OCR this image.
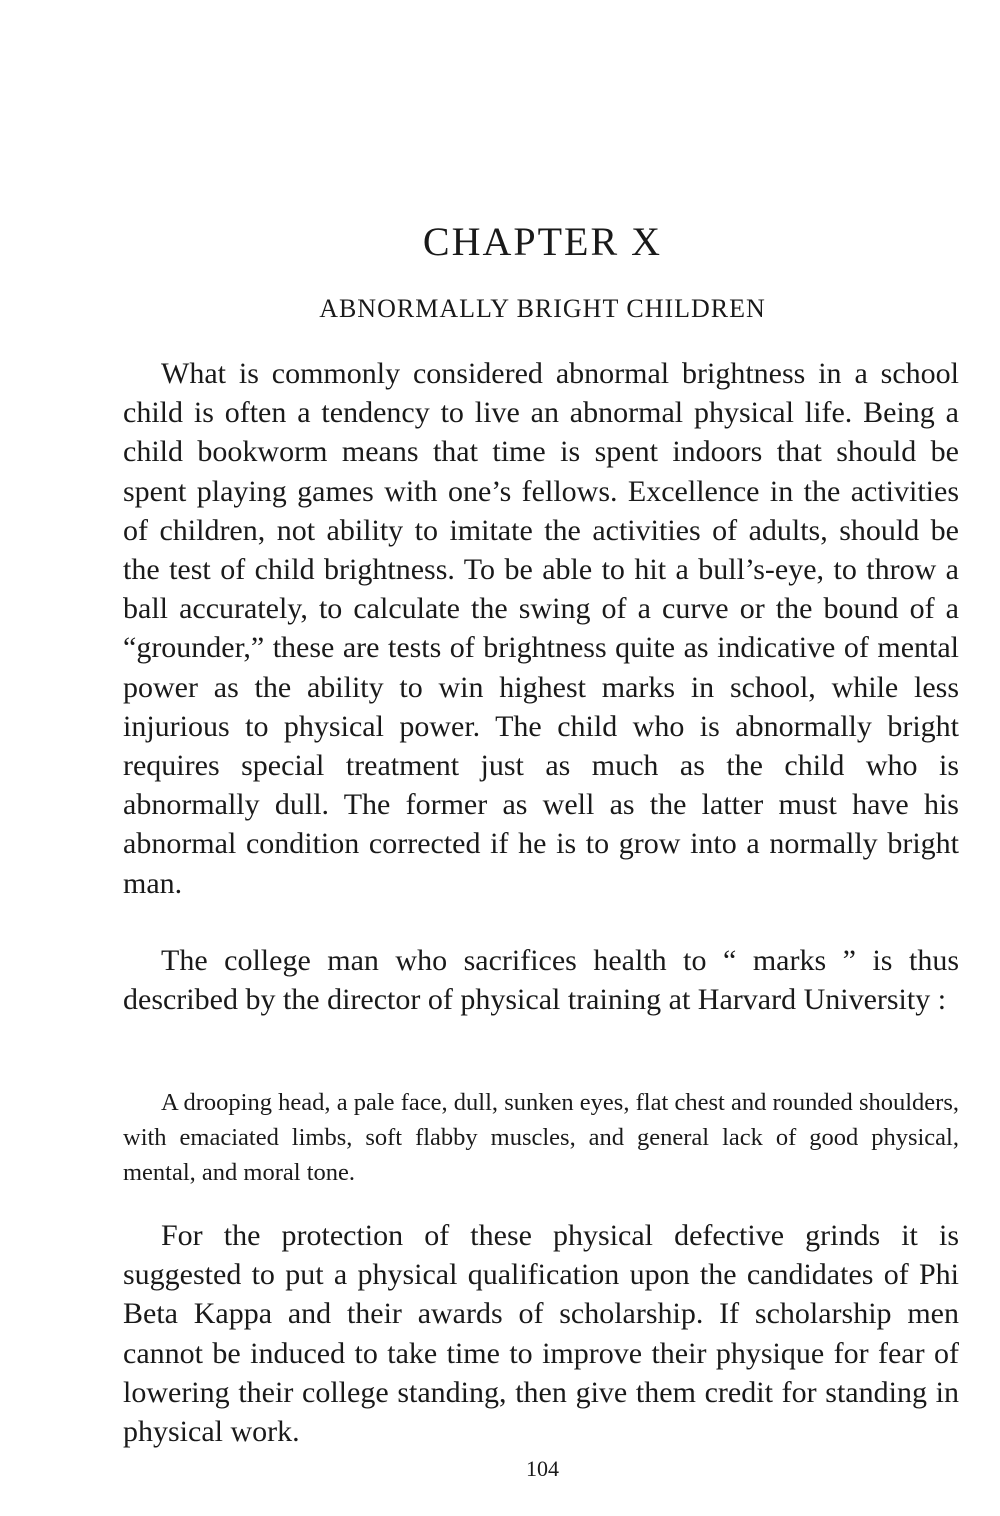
CHAPTER X
ABNORMALLY BRIGHT CHILDREN

What is commonly considered abnormal brightness in a school child is often a tendency to live an abnormal physical life. Being a child bookworm means that time is spent indoors that should be spent playing games with one’s fellows. Excellence in the activities of children, not ability to imitate the activities of adults, should be the test of child brightness. To be able to hit a bull’s-eye, to throw a ball accurately, to calculate the swing of a curve or the bound of a “grounder,” these are tests of brightness quite as indicative of mental power as the ability to win highest marks in school, while less injurious to physical power. The child who is abnormally bright requires special treatment just as much as the child who is abnormally dull. The former as well as the latter must have his abnormal condition corrected if he is to grow into a normally bright man.

The college man who sacrifices health to “ marks ” is thus described by the director of physical training at Harvard University :

A drooping head, a pale face, dull, sunken eyes, flat chest and rounded shoulders, with emaciated limbs, soft flabby muscles, and general lack of good physical, mental, and moral tone.

For the protection of these physical defective grinds it is suggested to put a physical qualification upon the candidates of Phi Beta Kappa and their awards of scholarship. If scholarship men cannot be induced to take time to improve their physique for fear of lowering their college standing, then give them credit for standing in physical work.

104
